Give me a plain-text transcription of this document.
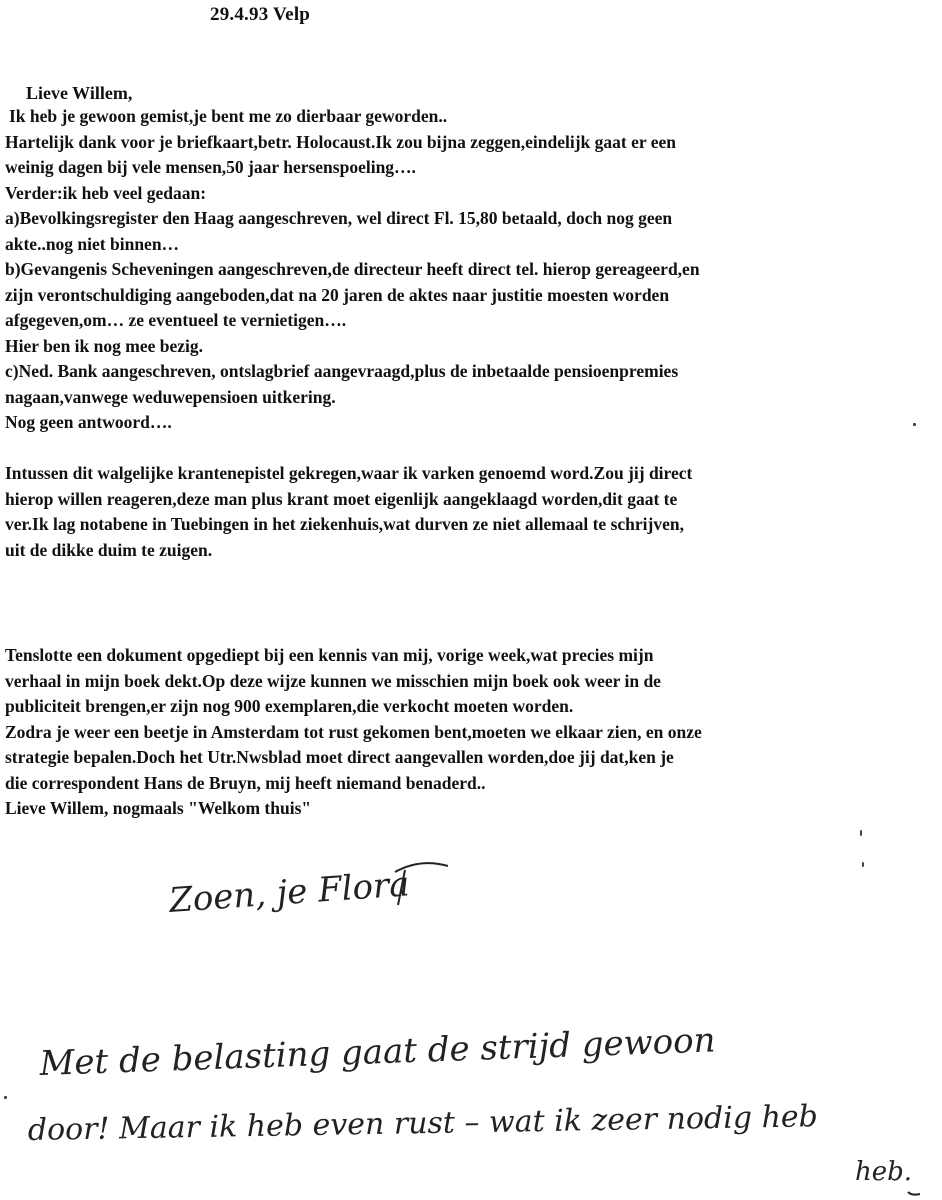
29.4.93 Velp
Lieve Willem,
Ik heb je gewoon gemist,je bent me zo dierbaar geworden..
Hartelijk dank voor je briefkaart,betr. Holocaust.Ik zou bijna zeggen,eindelijk gaat er een
weinig dagen bij vele mensen,50 jaar hersenspoeling….
Verder:ik heb veel gedaan:
a)Bevolkingsregister den Haag aangeschreven, wel direct Fl. 15,80 betaald, doch nog geen
akte..nog niet binnen…
b)Gevangenis Scheveningen aangeschreven,de directeur heeft direct tel. hierop gereageerd,en
zijn verontschuldiging aangeboden,dat na 20 jaren de aktes naar justitie moesten worden
afgegeven,om… ze eventueel te vernietigen….
Hier ben ik nog mee bezig.
c)Ned. Bank aangeschreven, ontslagbrief aangevraagd,plus de inbetaalde pensioenpremies
nagaan,vanwege weduwepensioen uitkering.
Nog geen antwoord….
Intussen dit walgelijke krantenepistel gekregen,waar ik varken genoemd word.Zou jij direct
hierop willen reageren,deze man plus krant moet eigenlijk aangeklaagd worden,dit gaat te
ver.Ik lag notabene in Tuebingen in het ziekenhuis,wat durven ze niet allemaal te schrijven,
uit de dikke duim te zuigen.
Tenslotte een dokument opgediept bij een kennis van mij, vorige week,wat precies mijn
verhaal in mijn boek dekt.Op deze wijze kunnen we misschien mijn boek ook weer in de
publiciteit brengen,er zijn nog 900 exemplaren,die verkocht moeten worden.
Zodra je weer een beetje in Amsterdam tot rust gekomen bent,moeten we elkaar zien, en onze
strategie bepalen.Doch het Utr.Nwsblad moet direct aangevallen worden,doe jij dat,ken je
die correspondent Hans de Bruyn, mij heeft niemand benaderd..
Lieve Willem, nogmaals "Welkom thuis"
Zoen, je Flora
Met de belasting gaat de strijd gewoon
door! Maar ik heb even rust – wat ik zeer nodig heb
heb.
